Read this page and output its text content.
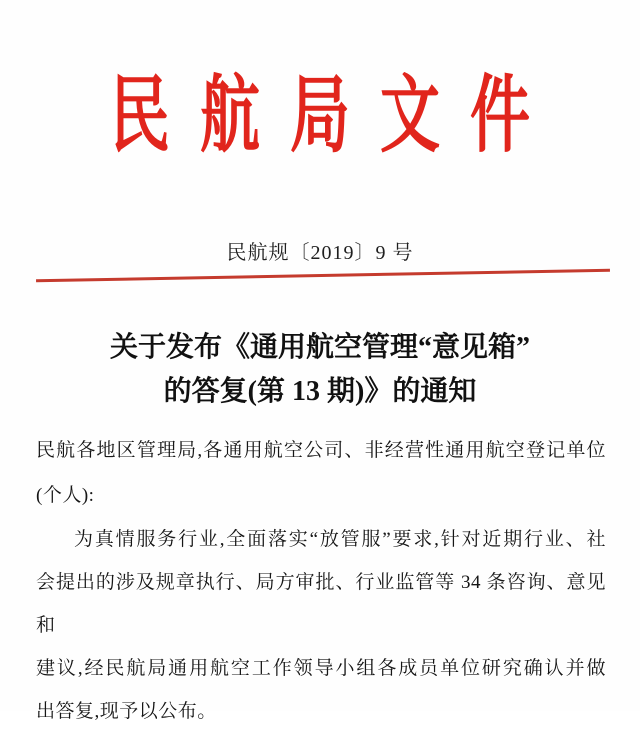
民航局文件
民航规〔2019〕9 号
关于发布《通用航空管理“意见箱”
的答复(第 13 期)》的通知
民航各地区管理局,各通用航空公司、非经营性通用航空登记单位
(个人):
为真情服务行业,全面落实“放管服”要求,针对近期行业、社
会提出的涉及规章执行、局方审批、行业监管等 34 条咨询、意见和
建议,经民航局通用航空工作领导小组各成员单位研究确认并做
出答复,现予以公布。
